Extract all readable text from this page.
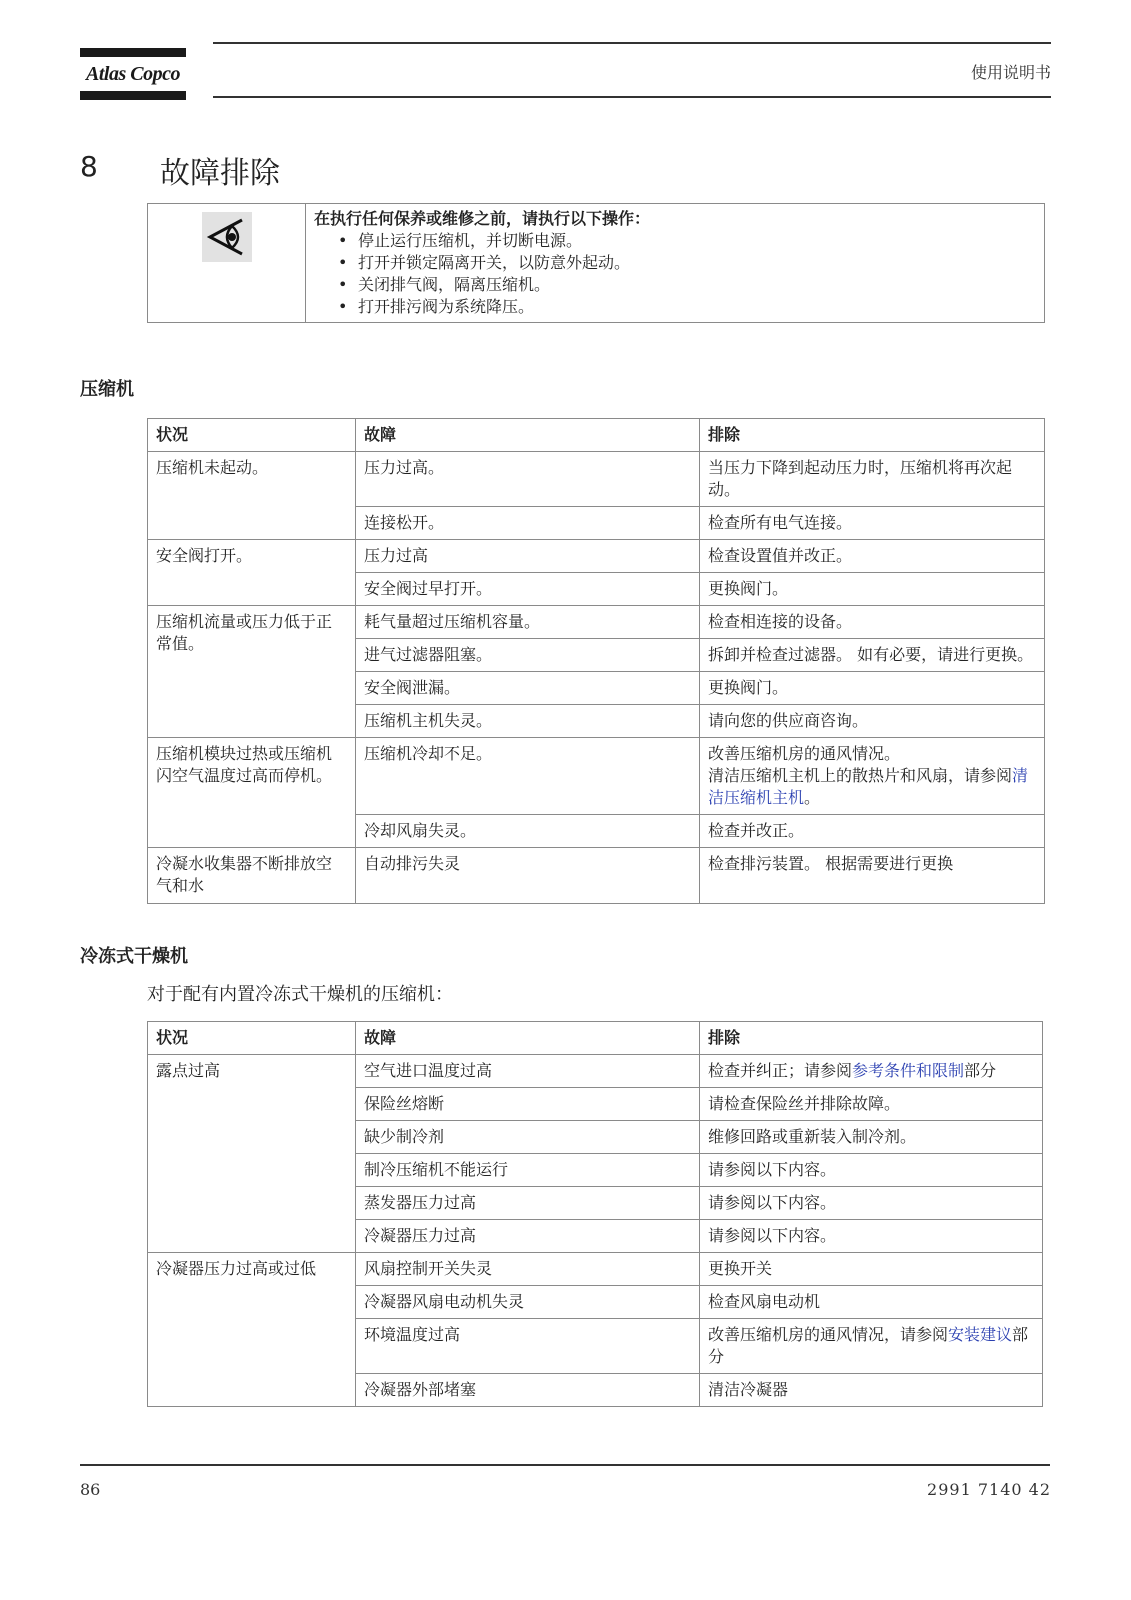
Atlas Copco	使用说明书
8 故障排除

在执行任何保养或维修之前，请执行以下操作：
• 停止运行压缩机，并切断电源。
• 打开并锁定隔离开关，以防意外起动。
• 关闭排气阀，隔离压缩机。
• 打开排污阀为系统降压。
压缩机
状况	故障	排除
压缩机未起动。	压力过高。	当压力下降到起动压力时，压缩机将再次起动。
	连接松开。	检查所有电气连接。
安全阀打开。	压力过高	检查设置值并改正。
	安全阀过早打开。	更换阀门。
压缩机流量或压力低于正常值。	耗气量超过压缩机容量。	检查相连接的设备。
	进气过滤器阻塞。	拆卸并检查过滤器。 如有必要，请进行更换。
	安全阀泄漏。	更换阀门。
	压缩机主机失灵。	请向您的供应商咨询。
压缩机模块过热或压缩机闪空气温度过高而停机。	压缩机冷却不足。	改善压缩机房的通风情况。
清洁压缩机主机上的散热片和风扇，请参阅清洁压缩机主机。

	冷却风扇失灵。	检查并改正。
冷凝水收集器不断排放空气和水	自动排污失灵	检查排污装置。 根据需要进行更换
冷冻式干燥机
对于配有内置冷冻式干燥机的压缩机：
状况	故障	排除
露点过高	空气进口温度过高	检查并纠正；请参阅参考条件和限制部分
	保险丝熔断	请检查保险丝并排除故障。
	缺少制冷剂	维修回路或重新装入制冷剂。
	制冷压缩机不能运行	请参阅以下内容。
	蒸发器压力过高	请参阅以下内容。
	冷凝器压力过高	请参阅以下内容。
冷凝器压力过高或过低	风扇控制开关失灵	更换开关
	冷凝器风扇电动机失灵	检查风扇电动机
	环境温度过高	改善压缩机房的通风情况，请参阅安装建议部分
	冷凝器外部堵塞	清洁冷凝器
86	2991 7140 42
